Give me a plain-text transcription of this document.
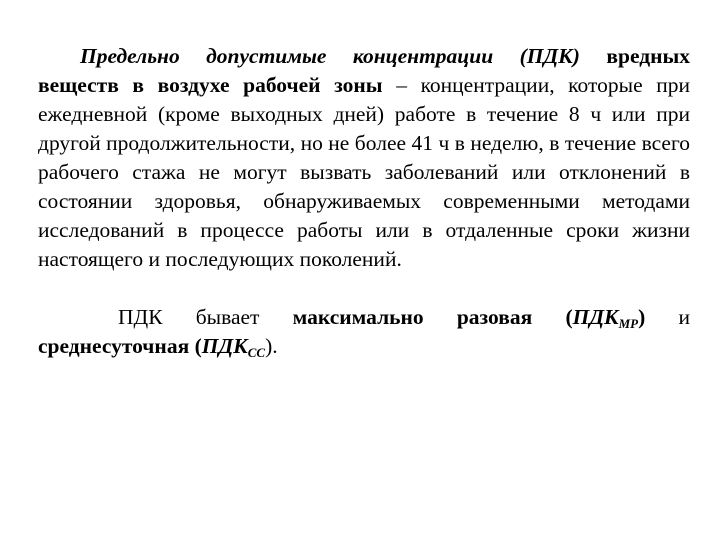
Предельно допустимые концентрации (ПДК) вредных веществ в воздухе рабочей зоны – концентрации, которые при ежедневной (кроме выходных дней) работе в течение 8 ч или при другой продолжительности, но не более 41 ч в неделю, в течение всего рабочего стажа не могут вызвать заболеваний или отклонений в состоянии здоровья, обнаруживаемых современными методами исследований в процессе работы или в отдаленные сроки жизни настоящего и последующих поколений.

ПДК бывает максимально разовая $(ПДК_{МР})$ и среднесуточная $(ПДК_{СС})$.
